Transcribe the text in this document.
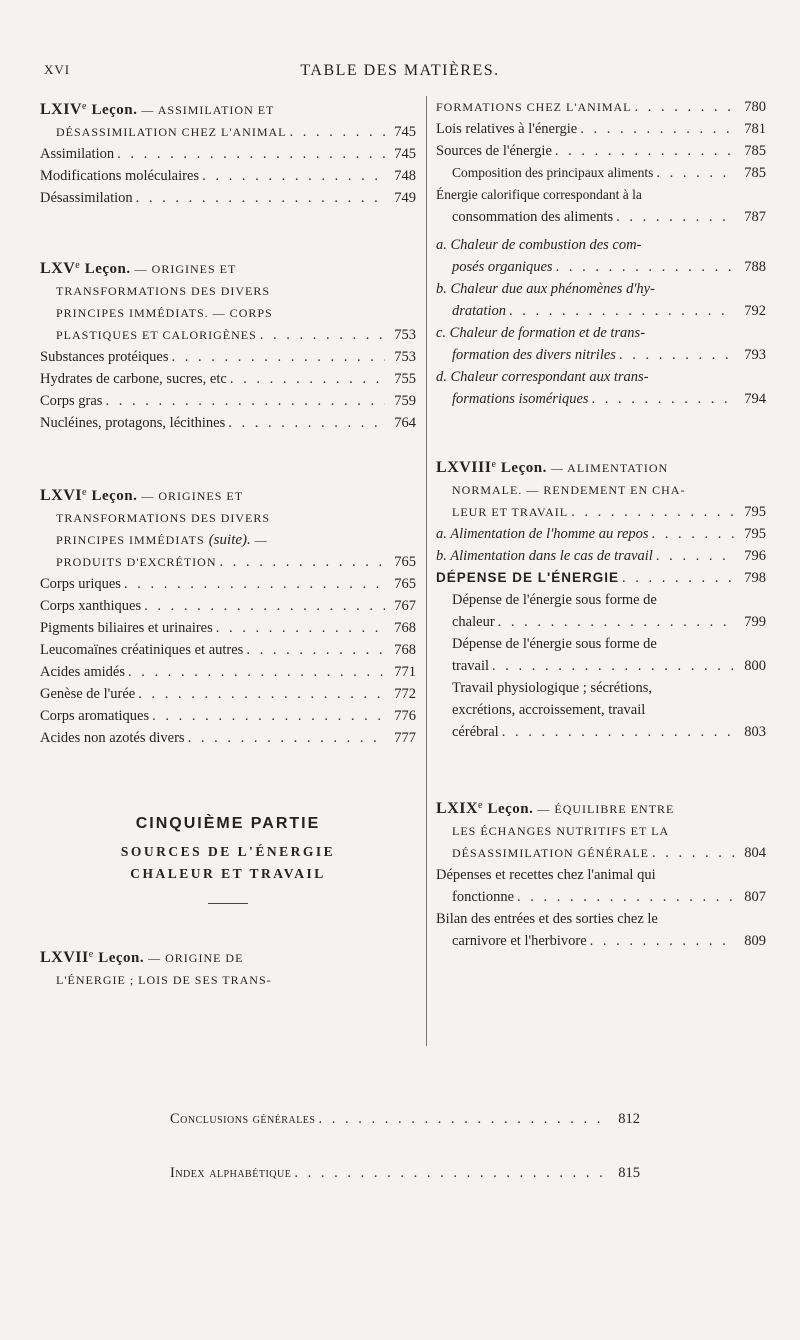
XVI	TABLE DES MATIÈRES.
LXIVe Leçon. — ASSIMILATION ET
DÉSASSIMILATION CHEZ L'ANIMAL . . .	745
Assimilation . . .	745
Modifications moléculaires . . .	748
Désassimilation . . .	749
LXVe Leçon. — ORIGINES ET
TRANSFORMATIONS DES DIVERS
PRINCIPES IMMÉDIATS. — CORPS
PLASTIQUES ET CALORIGÈNES . . .	753
Substances protéiques . . .	753
Hydrates de carbone, sucres, etc . . .	755
Corps gras . . .	759
Nucléines, protagons, lécithines . . .	764
LXVIe Leçon. — ORIGINES ET
TRANSFORMATIONS DES DIVERS
PRINCIPES IMMÉDIATS (suite). —
PRODUITS D'EXCRÉTION . . .	765
Corps uriques . . .	765
Corps xanthiques . . .	767
Pigments biliaires et urinaires . . .	768
Leucomaïnes créatiniques et autres . . .	768
Acides amidés . . .	771
Genèse de l'urée . . .	772
Corps aromatiques . . .	776
Acides non azotés divers . . .	777
CINQUIÈME PARTIE
SOURCES DE L'ÉNERGIE
CHALEUR ET TRAVAIL
LXVIIe Leçon. — ORIGINE DE
L'ÉNERGIE ; LOIS DE SES TRANS-
FORMATIONS CHEZ L'ANIMAL . . .	780
Lois relatives à l'énergie . . .	781
Sources de l'énergie . . .	785
Composition des principaux aliments . . .	785
Énergie calorifique correspondant à la
consommation des aliments . . .	787
a. Chaleur de combustion des com-
posés organiques . . .	788
b. Chaleur due aux phénomènes d'hy-
dratation . . .	792
c. Chaleur de formation et de trans-
formation des divers nitriles . . .	793
d. Chaleur correspondant aux trans-
formations isomériques . . .	794
LXVIIIe Leçon. — ALIMENTATION
NORMALE. — RENDEMENT EN CHA-
LEUR ET TRAVAIL . . .	795
a. Alimentation de l'homme au repos . . .	795
b. Alimentation dans le cas de travail . . .	796
DÉPENSE DE L'ÉNERGIE . . .	798
Dépense de l'énergie sous forme de
chaleur . . .	799
Dépense de l'énergie sous forme de
travail . . .	800
Travail physiologique ; sécrétions,
excrétions, accroissement, travail
cérébral . . .	803
LXIXe Leçon. — ÉQUILIBRE ENTRE
LES ÉCHANGES NUTRITIFS ET LA
DÉSASSIMILATION GÉNÉRALE . . .	804
Dépenses et recettes chez l'animal qui
fonctionne . . .	807
Bilan des entrées et des sorties chez le
carnivore et l'herbivore . . .	809
Conclusions générales . . .	812
Index alphabétique . . .	815
